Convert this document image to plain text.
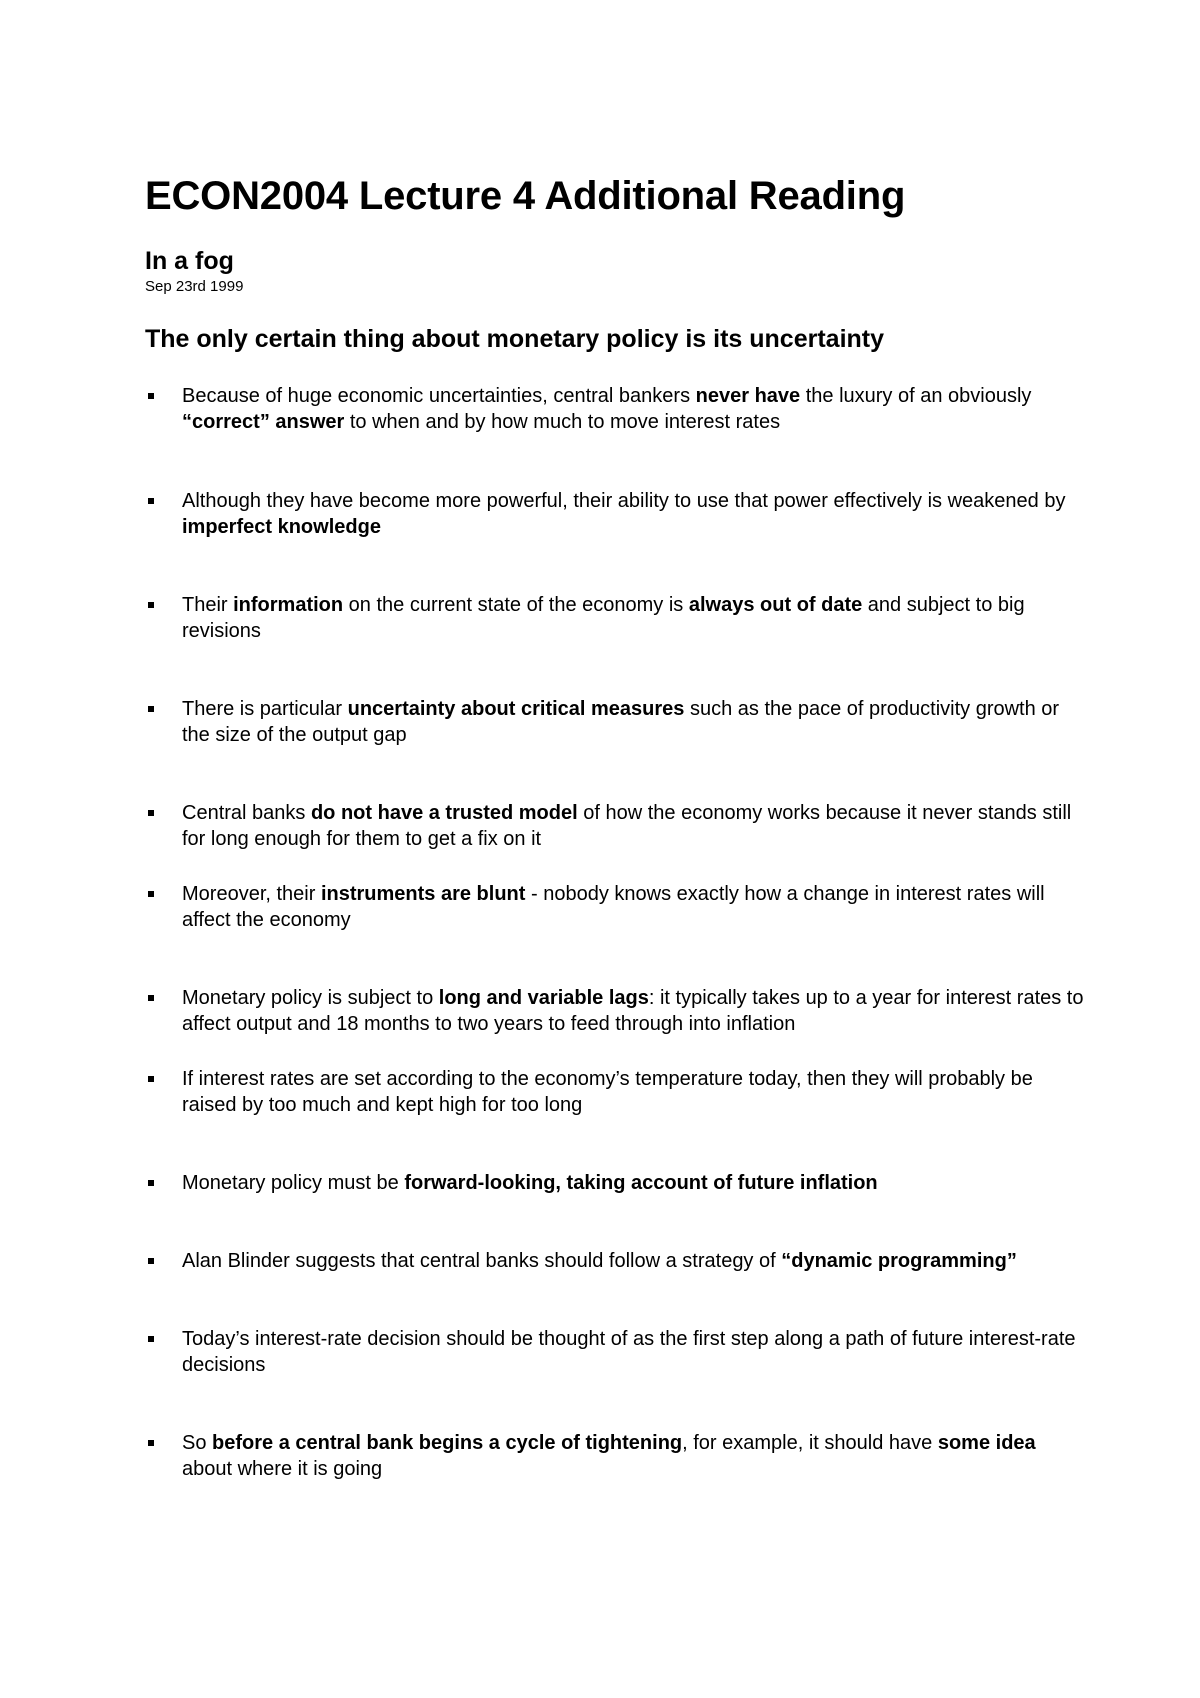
ECON2004 Lecture 4 Additional Reading
In a fog

Sep 23rd 1999

The only certain thing about monetary policy is its uncertainty
Because of huge economic uncertainties, central bankers never have the luxury of an obviously “correct” answer to when and by how much to move interest rates
Although they have become more powerful, their ability to use that power effectively is weakened by imperfect knowledge
Their information on the current state of the economy is always out of date and subject to big revisions
There is particular uncertainty about critical measures such as the pace of productivity growth or the size of the output gap
Central banks do not have a trusted model of how the economy works because it never stands still for long enough for them to get a fix on it
Moreover, their instruments are blunt - nobody knows exactly how a change in interest rates will affect the economy
Monetary policy is subject to long and variable lags: it typically takes up to a year for interest rates to affect output and 18 months to two years to feed through into inflation
If interest rates are set according to the economy’s temperature today, then they will probably be raised by too much and kept high for too long
Monetary policy must be forward-looking, taking account of future inflation
Alan Blinder suggests that central banks should follow a strategy of “dynamic programming”
Today’s interest-rate decision should be thought of as the first step along a path of future interest-rate decisions
So before a central bank begins a cycle of tightening, for example, it should have some idea about where it is going
